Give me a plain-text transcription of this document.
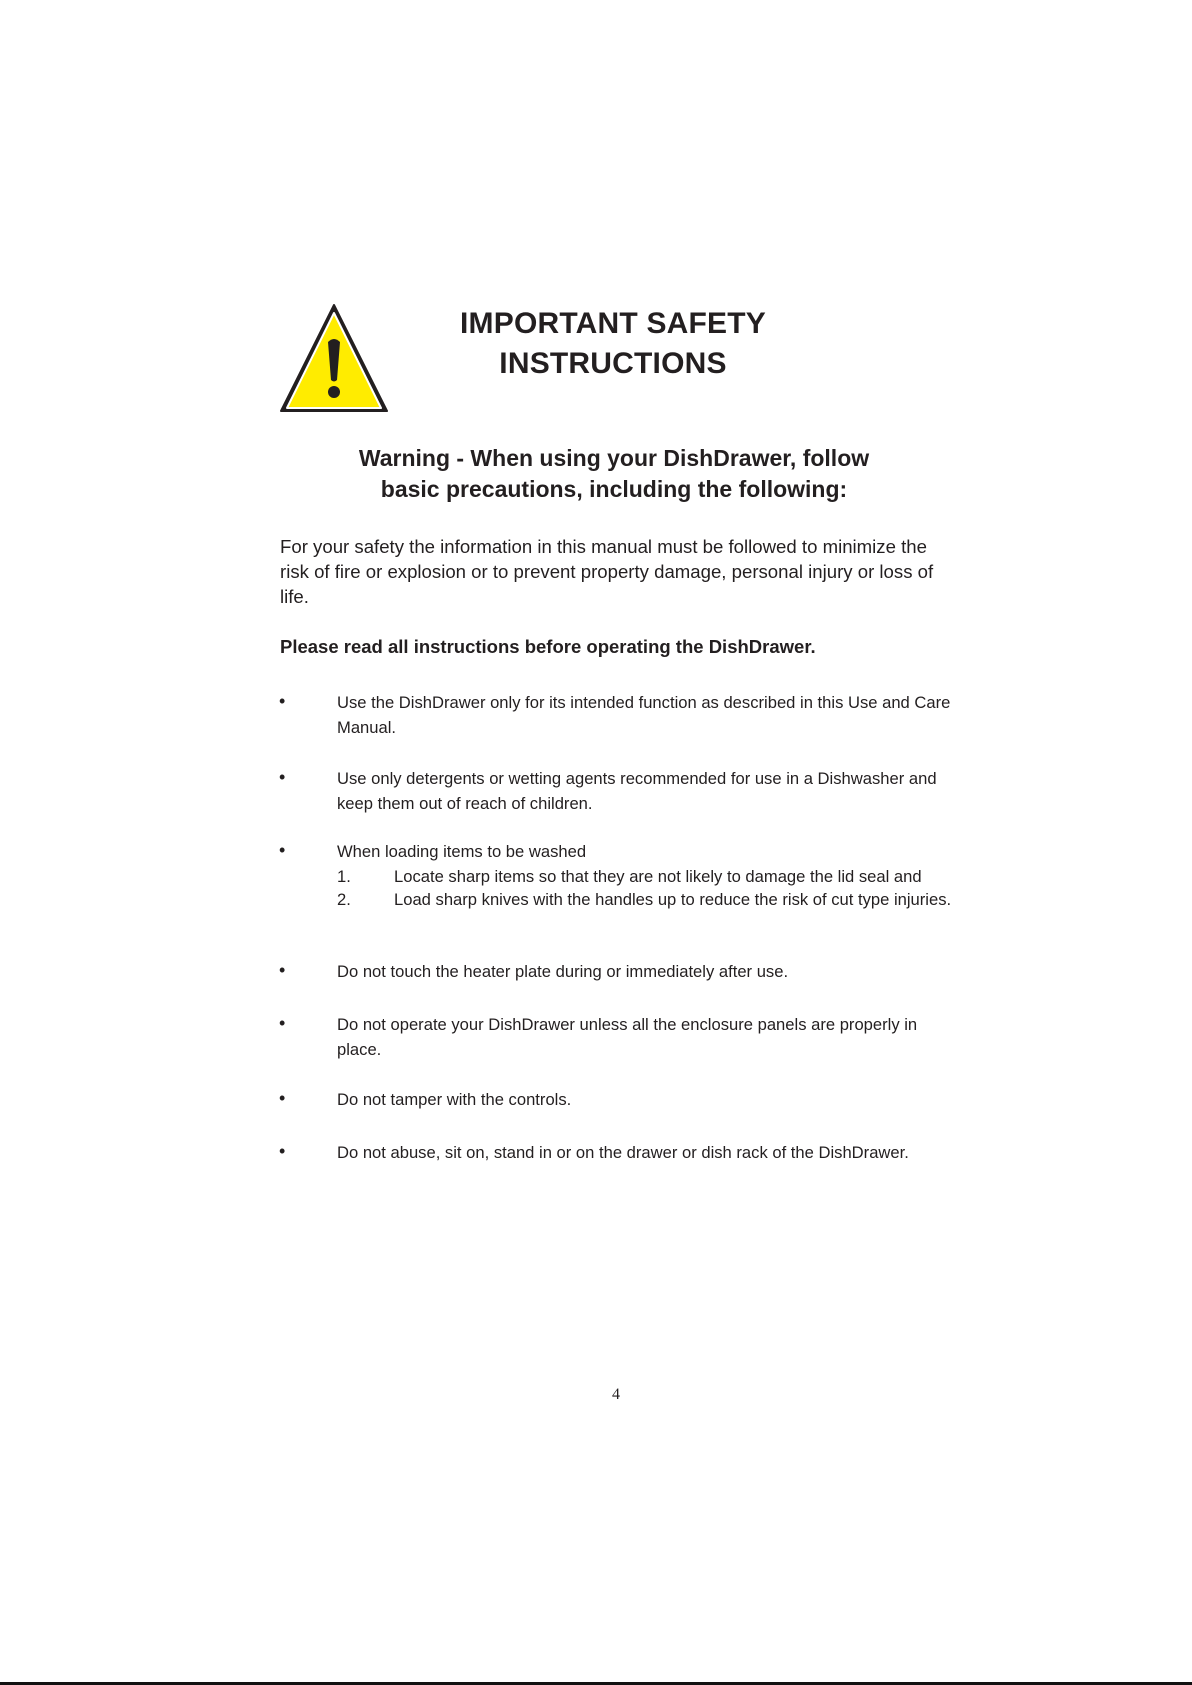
IMPORTANT SAFETY
INSTRUCTIONS
Warning - When using your DishDrawer, follow
basic precautions, including the following:
For your safety the information in this manual must be followed to minimize the risk of fire or explosion or to prevent property damage, personal injury or loss of life.
Please read all instructions before operating the DishDrawer.
•	Use the DishDrawer only for its intended function as described in this Use and Care Manual.
•	Use only detergents or wetting agents recommended for use in a Dishwasher and keep them out of reach of children.
•	When loading items to be washed
1.	Locate sharp items so that they are not likely to damage the lid seal and
2.	Load sharp knives with the handles up to reduce the risk of cut type injuries.
•	Do not touch the heater plate during or immediately after use.
•	Do not operate your DishDrawer unless all the enclosure panels are properly in place.
•	Do not tamper with the controls.
•	Do not abuse, sit on, stand in or on the drawer or dish rack of the DishDrawer.
4
